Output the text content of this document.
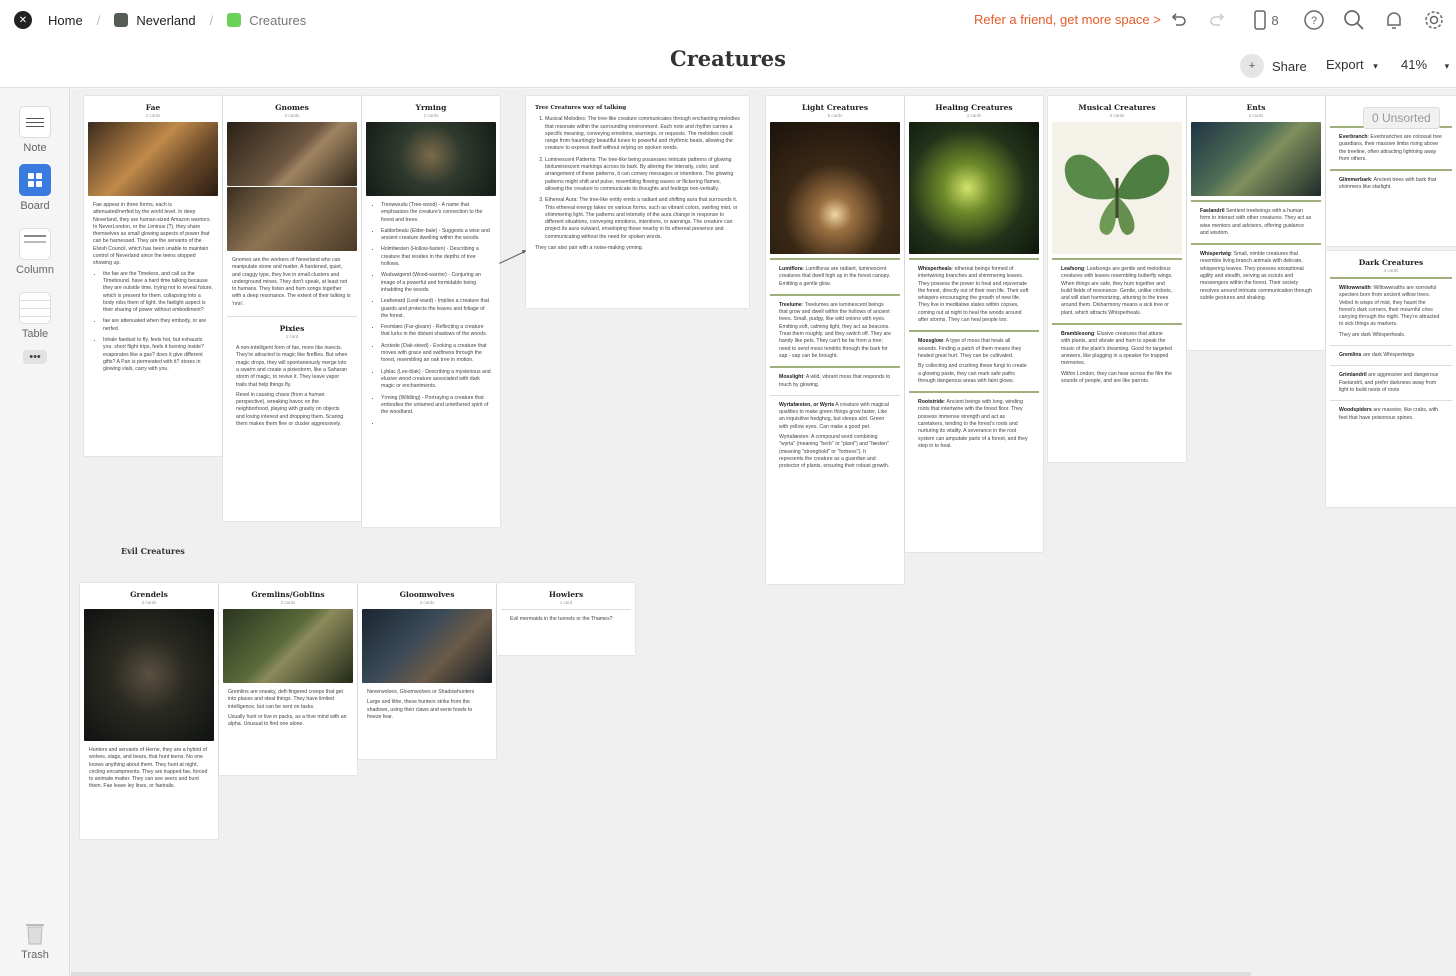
✕	Home /	Neverland /	Creatures	Refer a friend, get more space >	8	?
Creatures	+	Share Export ▾ 41% ▾
Note
Board
Column
Table
•••
Trash
Fae
2 cards

Fae appear in three forms, each is attenuated/nerfed by the world level. In deep Neverland, they are human-sized Amazon warriors. In NeverLondon, or the Liminus (?), they share themselves as small glowing aspects of power that can be harnessed. They are the servants of the Elvish Council, which has been unable to maintain control of Neverland since the teens stopped showing up.

• the fae are the Timeless, and call us the Timebound. have a hard time talking because they are outside time, trying not to reveal future, which is present for them. collapsing into a body robs them of light. the faelight aspect is their sharing of power without embodiment?
• fae are attenuated when they embody, or are nerfed.
• Inhale faedust to fly, feels hot, but exhausts you. short flight trips, feels it burning inside? evaporates like a gas? does it give different gifts? A Pan is permeated with it? stores in glowing vials, carry with you.
Gnomes
2 cards

Gnomes are the workers of Neverland who can manipulate stone and matter. A hardened, quiet, and craggy type, they live in small clusters and underground mines. They don't speak, at least not to humans. They listen and hum songs together with a deep resonance. The extent of their talking is 'nnn'.

Pixies
1 card

A non-intelligent form of fae, more like insects. They're attracted to magic like fireflies. But when magic drops, they will spontaneously merge into a swarm and create a pixiestorm, like a Saharan storm of magic, to revive it. They leave vapor trails that help things fly.

Revel in causing chaos (from a human perspective), wreaking havoc on the neighborhood, playing with gravity on objects and losing interest and dropping them. Scaring them makes them flee or cluster aggressively.

Yrming
2 cards
• Treowwudu (Tree-wood) - A name that emphasizes the creature's connection to the forest and trees.
• Ealdorbealu (Elder-bale) - Suggests a wise and ancient creature dwelling within the woods.
• Holmfæsten (Hollow-fasten) - Describing a creature that resides in the depths of tree hollows.
• Wuduwigend (Wood-warrior) - Conjuring an image of a powerful and formidable being inhabiting the woods.
• Leafweard (Leaf-ward) - Implies a creature that guards and protects the leaves and foliage of the forest.
• Feomlæs (Far-gleam) - Reflecting a creature that lurks in the distant shadows of the woods.
• Acstede (Oak-steed) - Evoking a creature that moves with grace and swiftness through the forest, resembling an oak tree in motion.
• Lyblac (Lee-blak) - Describing a mysterious and elusive wood creature associated with dark magic or enchantments.
• Yrming (Wildling) - Portraying a creature that embodies the untamed and untethered spirit of the woodland.
•
Tree Creatures way of talking
1. Musical Melodies: The tree-like creature communicates through enchanting melodies that resonate within the surrounding environment. Each note and rhythm carries a specific meaning, conveying emotions, warnings, or requests. The melodies could range from hauntingly beautiful tunes to powerful and rhythmic beats, allowing the creature to express itself without relying on spoken words.
2. Luminescent Patterns: The tree-like being possesses intricate patterns of glowing bioluminescent markings across its bark. By altering the intensity, color, and arrangement of these patterns, it can convey messages or intentions. The glowing patterns might shift and pulse, resembling flowing waves or flickering flames, allowing the creature to communicate its thoughts and feelings non-verbally.
3. Ethereal Aura: The tree-like entity emits a radiant and shifting aura that surrounds it. This ethereal energy takes on various forms, such as vibrant colors, swirling mist, or shimmering light. The patterns and intensity of the aura change in response to different situations, conveying emotions, intentions, or warnings. The creature can project its aura outward, enveloping those nearby in its ethereal presence and communicating without the need for spoken words.

They can also pair with a noise-making yrming.

Light Creatures
5 cards
Lumiflora: Lumifloras are radiant, luminescent creatures that dwell high up in the forest canopy. Emitting a gentle glow.
Treelume: Treelumes are luminescent beings that grow and dwell within the hollows of ancient trees. Small, pudgy, like wild onions with eyes. Emitting soft, calming light, they act as beacons. Treat them roughly, and they switch off. They are handy like pets. They can't be far from a tree; need to send moss tendrils through the bark for sap - sap can be brought.
Mosslight: A wild, vibrant moss that responds to touch by glowing.
Wyrtafæsten, or Wyrts A creature with magical qualities to make green things grow faster. Like an inquisitive hedghog, but sleeps alot. Green with yellow eyes. Can make a good pet.

Wyrtafæsten: A compound word combining "wyrta" (meaning "herb" or "plant") and "fæsten" (meaning "stronghold" or "fortress"). It represents the creature as a guardian and protector of plants, ensuring their robust growth.

Healing Creatures
4 cards
Whisperheals: ethereal beings formed of intertwining branches and shimmering leaves. They possess the power to heal and rejuvenate the forest, directly out of their own life. Their soft whispers encouraging the growth of new life. They live in meditative states within copses, coming out at night to heal the woods around after storms. They can heal people too.
Mossglow: A type of moss that heals all wounds. Finding a patch of them means they healed great hurt. They can be cultivated.

By collecting and crushing these fungi to create a glowing paste, they can mark safe paths through dangerous areas with faint glows.

Rootstride: Ancient beings with long, winding roots that intertwine with the forest floor. They possess immense strength and act as caretakers, tending to the forest's roots and nurturing its vitality. A severance in the root system can amputate parts of a forest, and they step in to heal.
Musical Creatures
3 cards
Leafsong: Leafsongs are gentle and melodious creatures with leaves resembling butterfly wings. When things are safe, they hum together and build fields of resonance. Gentle, unlike crickets, and will start harmonizing, attuning to the trees around them. Disharmony means a sick tree or plant, which attracts Whisperheals.
Bramblesong: Elusive creatures that attune with plants, and vibrate and hum to speak the music of the plant's dreaming. Good for targeted answers, like plugging in a speaker for trapped memories.

Within London, they can hear across the film the sounds of people, and are like parrots.

Ents
3 cards
Faelandril Sentient treebeings with a human form to interact with other creatures. They act as wise mentors and advisors, offering guidance and wisdom.
Whispertwig: Small, nimble creatures that resemble living branch animals with delicate, whispering leaves. They possess exceptional agility and stealth, serving as scouts and messengers within the forest. Their society revolves around intricate communication through subtle gestures and shaking.
Everbranch: Everbranches are colossal tree guardians, their massive limbs rising above the treeline, often attracting lightning away from others.
Glimmerbark: Ancient trees with bark that shimmers like starlight.
0 Unsorted
Dark Creatures
4 cards
Willowwraith: Willowwraiths are sorrowful specters born from ancient willow trees. Veiled in wisps of mist, they haunt the forest's dark corners, their mournful cries carrying through the night. They're attracted to sick things as markers.

They are dark Whisperheals.

Gremlins are dark Whispertwigs
Grimlandril are aggressive and dangerous Faelandril, and prefer darkness away from light to build nests of roots
Woodspiders are massive, like crabs, with feet that have poisonous spines.
Evil Creatures
Grendels
2 cards

Hunters and servants of Herne, they are a hybrid of wolves, stags, and bears, that hunt teens. No one knows anything about them. They hunt at night, circling encampments. They are trapped fae, forced to animate matter. They can see seers and hunt them. Fae leave ley lines, or faetrails.

Gremlins/Goblins
2 cards

Gremlins are sneaky, deft-fingered creeps that get into places and steal things. They have limited intelligence, but can be sent on tasks.

Usually hunt or live in packs, as a hive mind with an alpha. Unusual to find one alone.

Gloomwolves
2 cards

Neverwolves, Gloomwolves or Shadowhunters

Large and lithe, these hunters strike from the shadows, using their claws and eerie howls to freeze fear.

Howlers
1 card

Evil mermaids in the tunnels or the Thames?
